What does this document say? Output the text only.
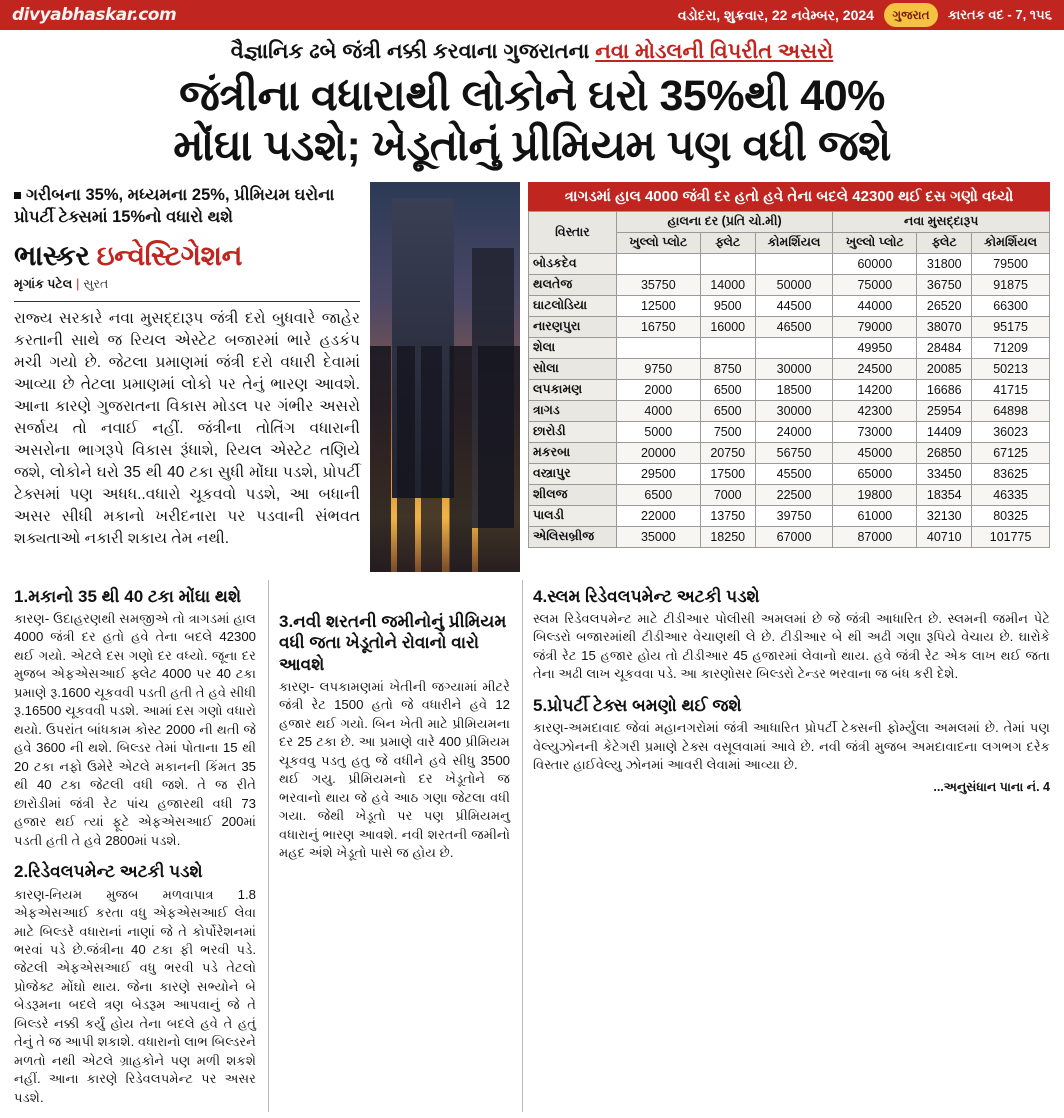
divyabhaskar.com	વડોદરા, શુક્રવાર, 22 નવેમ્બર, 2024	ગુજરાત	કારતક વદ - 7, ૧૫૬
વૈજ્ઞાનિક ઢબે જંત્રી નક્કી કરવાના ગુજરાતના નવા મોડલની વિપરીત અસરો
જંત્રીના વધારાથી લોકોને ઘરો 35%થી 40%
મોંઘા પડશે; ખેડૂતોનું પ્રીમિયમ પણ વધી જશે
ગરીબના 35%, મધ્યમના 25%, પ્રીમિયમ ઘરોના પ્રોપર્ટી ટેક્સમાં 15%નો વધારો થશે
ભાસ્કર ઇન્વેસ્ટિગેશન
મૃગાંક પટેલ | સુરત
રાજ્ય સરકારે નવા મુસદ્દારૂપ જંત્રી દરો બુધવારે જાહેર કરતાની સાથે જ રિયલ એસ્ટેટ બજારમાં ભારે હડકંપ મચી ગયો છે. જેટલા પ્રમાણમાં જંત્રી દરો વધારી દેવામાં આવ્યા છે તેટલા પ્રમાણમાં લોકો પર તેનું ભારણ આવશે. આના કારણે ગુજરાતના વિકાસ મોડલ પર ગંભીર અસરો સર્જાય તો નવાઈ નહીં. જંત્રીના તોતિંગ વધારાની અસરોના ભાગરૂપે વિકાસ રૂંધાશે, રિયલ એસ્ટેટ તણિયે જશે, લોકોને ઘરો 35 થી 40 ટકા સુધી મોંઘા પડશે, પ્રોપર્ટી ટેક્સમાં પણ અધધ..વધારો ચૂકવવો પડશે, આ બધાની અસર સીધી મકાનો ખરીદનારા પર પડવાની સંભવત શક્યતાઓ નકારી શકાય તેમ નથી.
ત્રાગડમાં હાલ 4000 જંત્રી દર હતો હવે તેના બદલે 42300 થઈ દસ ગણો વધ્યો
વિસ્તાર	હાલના દર (પ્રતિ ચો.મી)			નવા મુસદ્દારૂપ		
	ખુલ્લો પ્લોટ	ફ્લેટ	કોમર્શિયલ	ખુલ્લો પ્લોટ	ફ્લેટ	કોમર્શિયલ
બોડકદેવ				60000	31800	79500
થલતેજ	35750	14000	50000	75000	36750	91875
ઘાટલોડિયા	12500	9500	44500	44000	26520	66300
નારણપુરા	16750	16000	46500	79000	38070	95175
શેલા				49950	28484	71209
સોલા	9750	8750	30000	24500	20085	50213
લપકામણ	2000	6500	18500	14200	16686	41715
ત્રાગડ	4000	6500	30000	42300	25954	64898
છારોડી	5000	7500	24000	73000	14409	36023
મકરબા	20000	20750	56750	45000	26850	67125
વસ્ત્રાપુર	29500	17500	45500	65000	33450	83625
શીલજ	6500	7000	22500	19800	18354	46335
પાલડી	22000	13750	39750	61000	32130	80325
એલિસબ્રીજ	35000	18250	67000	87000	40710	101775
1.મકાનો 35 થી 40 ટકા મોંઘા થશે
કારણ- ઉદાહરણથી સમજીએ તો ત્રાગડમાં હાલ 4000 જંત્રી દર હતો હવે તેના બદલે 42300 થઈ ગયો. એટલે દસ ગણો દર વધ્યો. જૂના દર મુજબ એફએસઆઈ ફ્લેટ 4000 પર 40 ટકા પ્રમાણે રૂ.1600 ચૂકવવી પડતી હતી તે હવે સીધી રૂ.16500 ચૂકવવી પડશે. આમાં દસ ગણો વધારો થયો. ઉપરાંત બાંધકામ કોસ્ટ 2000 ની થતી જે હવે 3600 ની થશે. બિલ્ડર તેમાં પોતાના 15 થી 20 ટકા નફો ઉમેરે એટલે મકાનની કિંમત 35 થી 40 ટકા જેટલી વધી જશે. તે જ રીતે છારોડીમાં જંત્રી રેટ પાંચ હજારથી વધી 73 હજાર થઈ ત્યાં ફૂટે એફએસઆઈ 200માં પડતી હતી તે હવે 2800માં પડશે.
2.રિડેવલપમેન્ટ અટકી પડશે
કારણ-નિયમ મુજબ મળવાપાત્ર 1.8 એફએસઆઈ કરતા વધુ એફએસઆઈ લેવા માટે બિલ્ડરે વધારાનાં નાણાં જે તે કોર્પોરેશનમાં ભરવાં પડે છે.જંત્રીના 40 ટકા ફી ભરવી પડે. જેટલી એફએસઆઈ વધુ ભરવી પડે તેટલો પ્રોજેક્ટ મોંઘો થાય. જેના કારણે સભ્યોને બે બેડરૂમના બદલે ત્રણ બેડરૂમ આપવાનું જે તે બિલ્ડરે નક્કી કર્યું હોય તેના બદલે હવે તે હતું તેનું તે જ આપી શકાશે. વધારાનો લાભ બિલ્ડરને મળતો નથી એટલે ગ્રાહકોને પણ મળી શકશે નહીં. આના કારણે રિડેવલપમેન્ટ પર અસર પડશે.

3.નવી શરતની જમીનોનું પ્રીમિયમ વધી જતા ખેડૂતોને રોવાનો વારો આવશે
કારણ- લપકામણમાં ખેતીની જગ્યામાં મીટરે જંત્રી રેટ 1500 હતો જે વધારીને હવે 12 હજાર થઈ ગયો. બિન ખેતી માટે પ્રીમિયમના દર 25 ટકા છે. આ પ્રમાણે વારે 400 પ્રીમિયમ ચૂકવવુ પડતુ હતુ જે વધીને હવે સીધુ 3500 થઈ ગયુ. પ્રીમિયમનો દર ખેડૂતોને જ ભરવાનો થાય જે હવે આઠ ગણા જેટલા વધી ગયા. જેથી ખેડૂતો પર પણ પ્રીમિયમનુ વધારાનું ભારણ આવશે. નવી શરતની જમીનો મહદ અંશે ખેડૂતો પાસે જ હોય છે.
4.સ્લમ રિડેવલપમેન્ટ અટકી પડશે
સ્લમ રિડેવલપમેન્ટ માટે ટીડીઆર પોલીસી અમલમાં છે જે જંત્રી આધારિત છે. સ્લમની જમીન પેટે બિલ્ડરો બજારમાંથી ટીડીઆર વેચાણથી લે છે. ટીડીઆર બે થી અઢી ગણા રૂપિયે વેચાય છે. ઘારોકે જંત્રી રેટ 15 હજાર હોય તો ટીડીઆર 45 હજારમાં લેવાનો થાય. હવે જંત્રી રેટ એક લાખ થઈ જતા તેના અઢી લાખ ચૂકવવા પડે. આ કારણોસર બિલ્ડરો ટેન્ડર ભરવાના જ બંધ કરી દેશે.
5.પ્રોપર્ટી ટેક્સ બમણો થઈ જશે
કારણ-અમદાવાદ જેવાં મહાનગરોમાં જંત્રી આધારિત પ્રોપર્ટી ટેક્સની ફોર્મ્યુલા અમલમાં છે. તેમાં પણ વેલ્યુઝોનની કેટેગરી પ્રમાણે ટેક્સ વસૂલવામાં આવે છે. નવી જંત્રી મુજબ અમદાવાદના લગભગ દરેક વિસ્તાર હાઈવેલ્યુ ઝોનમાં આવરી લેવામાં આવ્યા છે.
...અનુસંધાન પાના નં. 4
